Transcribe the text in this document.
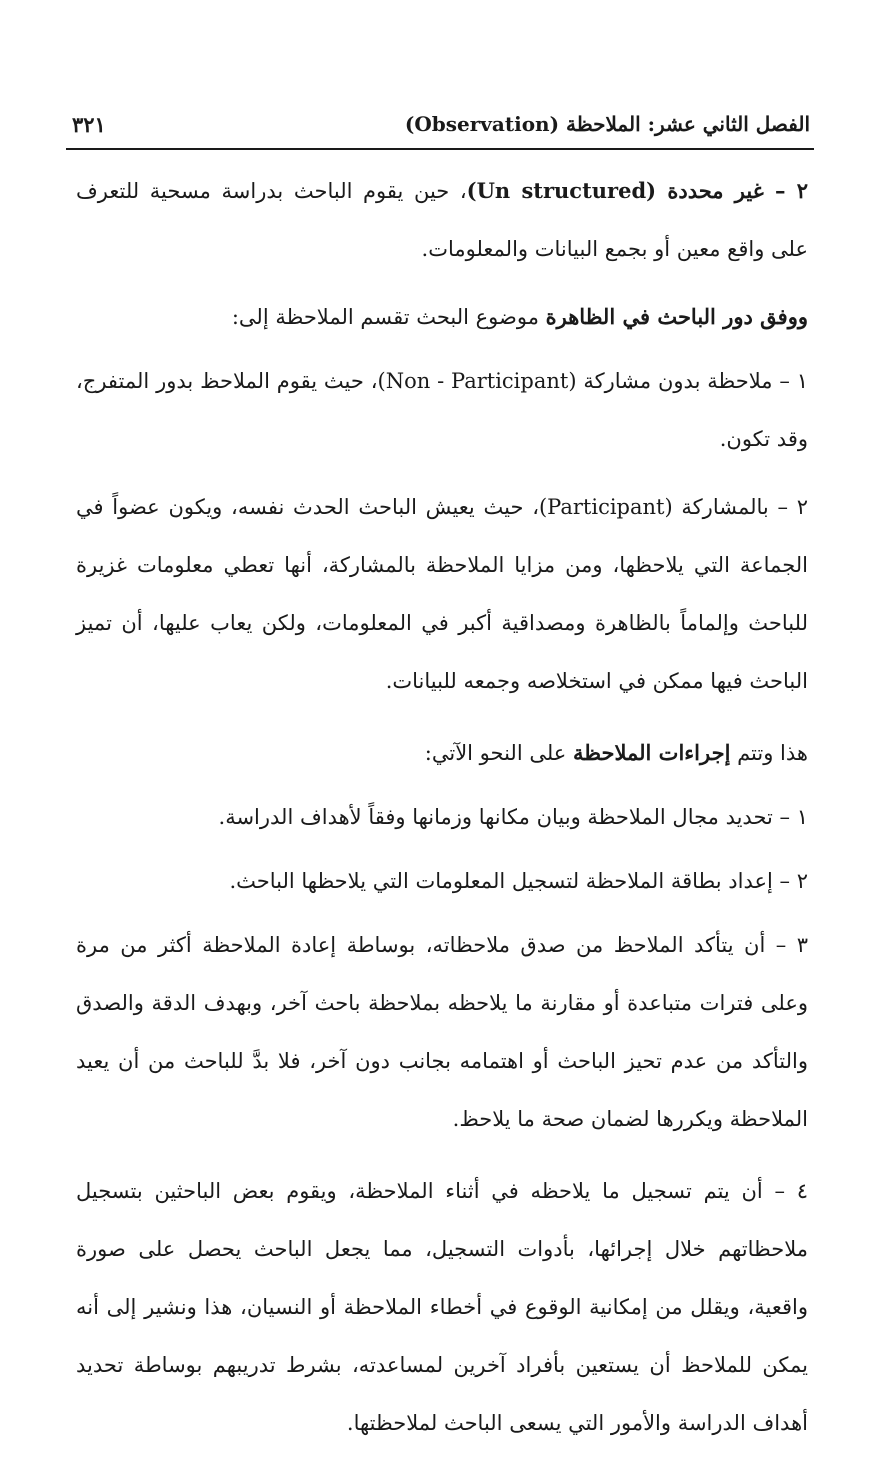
الفصل الثاني عشر: الملاحظة (Observation)
٣٢١

٢ – غير محددة (Un structured)، حين يقوم الباحث بدراسة مسحية للتعرف على واقع معين أو بجمع البيانات والمعلومات.

ووفق دور الباحث في الظاهرة موضوع البحث تقسم الملاحظة إلى:

١ – ملاحظة بدون مشاركة (Non - Participant)، حيث يقوم الملاحظ بدور المتفرج، وقد تكون.

٢ – بالمشاركة (Participant)، حيث يعيش الباحث الحدث نفسه، ويكون عضواً في الجماعة التي يلاحظها، ومن مزايا الملاحظة بالمشاركة، أنها تعطي معلومات غزيرة للباحث وإلماماً بالظاهرة ومصداقية أكبر في المعلومات، ولكن يعاب عليها، أن تميز الباحث فيها ممكن في استخلاصه وجمعه للبيانات.

هذا وتتم إجراءات الملاحظة على النحو الآتي:

١ – تحديد مجال الملاحظة وبيان مكانها وزمانها وفقاً لأهداف الدراسة.

٢ – إعداد بطاقة الملاحظة لتسجيل المعلومات التي يلاحظها الباحث.

٣ – أن يتأكد الملاحظ من صدق ملاحظاته، بوساطة إعادة الملاحظة أكثر من مرة وعلى فترات متباعدة أو مقارنة ما يلاحظه بملاحظة باحث آخر، وبهدف الدقة والصدق والتأكد من عدم تحيز الباحث أو اهتمامه بجانب دون آخر، فلا بدَّ للباحث من أن يعيد الملاحظة ويكررها لضمان صحة ما يلاحظ.

٤ – أن يتم تسجيل ما يلاحظه في أثناء الملاحظة، ويقوم بعض الباحثين بتسجيل ملاحظاتهم خلال إجرائها، بأدوات التسجيل، مما يجعل الباحث يحصل على صورة واقعية، ويقلل من إمكانية الوقوع في أخطاء الملاحظة أو النسيان، هذا ونشير إلى أنه يمكن للملاحظ أن يستعين بأفراد آخرين لمساعدته، بشرط تدريبهم بوساطة تحديد أهداف الدراسة والأمور التي يسعى الباحث لملاحظتها.
